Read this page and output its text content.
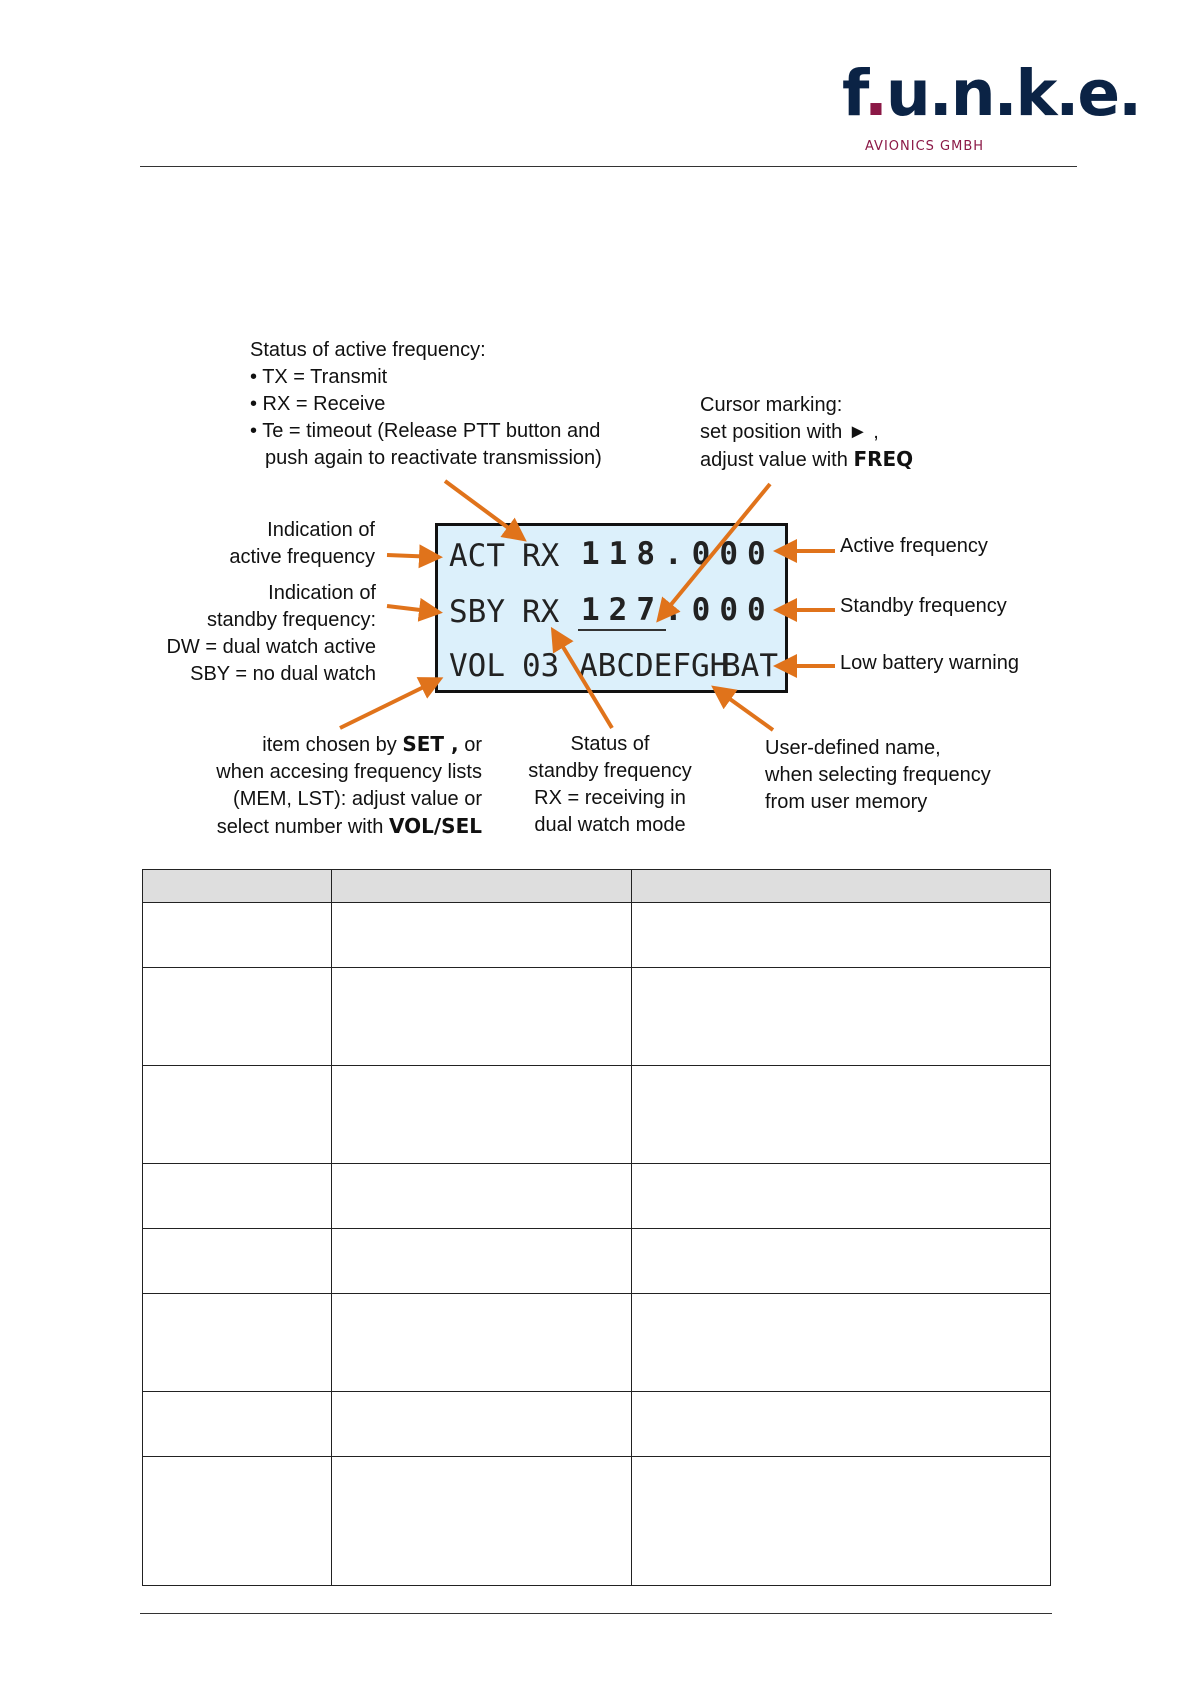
f.u.n.k.e.
AVIONICS GMBH
ACT RX 118.000
SBY RX 127.000
VOL 03 ABCDEFGH
BAT
Status of active frequency:
• TX = Transmit
• RX = Receive
• Te = timeout (Release PTT button and
push again to reactivate transmission)
Cursor marking:
set position with ► ,
adjust value with FREQ
Indication of
active frequency
Indication of
standby frequency:
DW = dual watch active
SBY = no dual watch
Active frequency
Standby frequency
Low battery warning
item chosen by SET , or
when accesing frequency lists
(MEM, LST): adjust value or
select number with VOL/SEL
Status of
standby frequency
RX = receiving in
dual watch mode
User-defined name,
when selecting frequency
from user memory
